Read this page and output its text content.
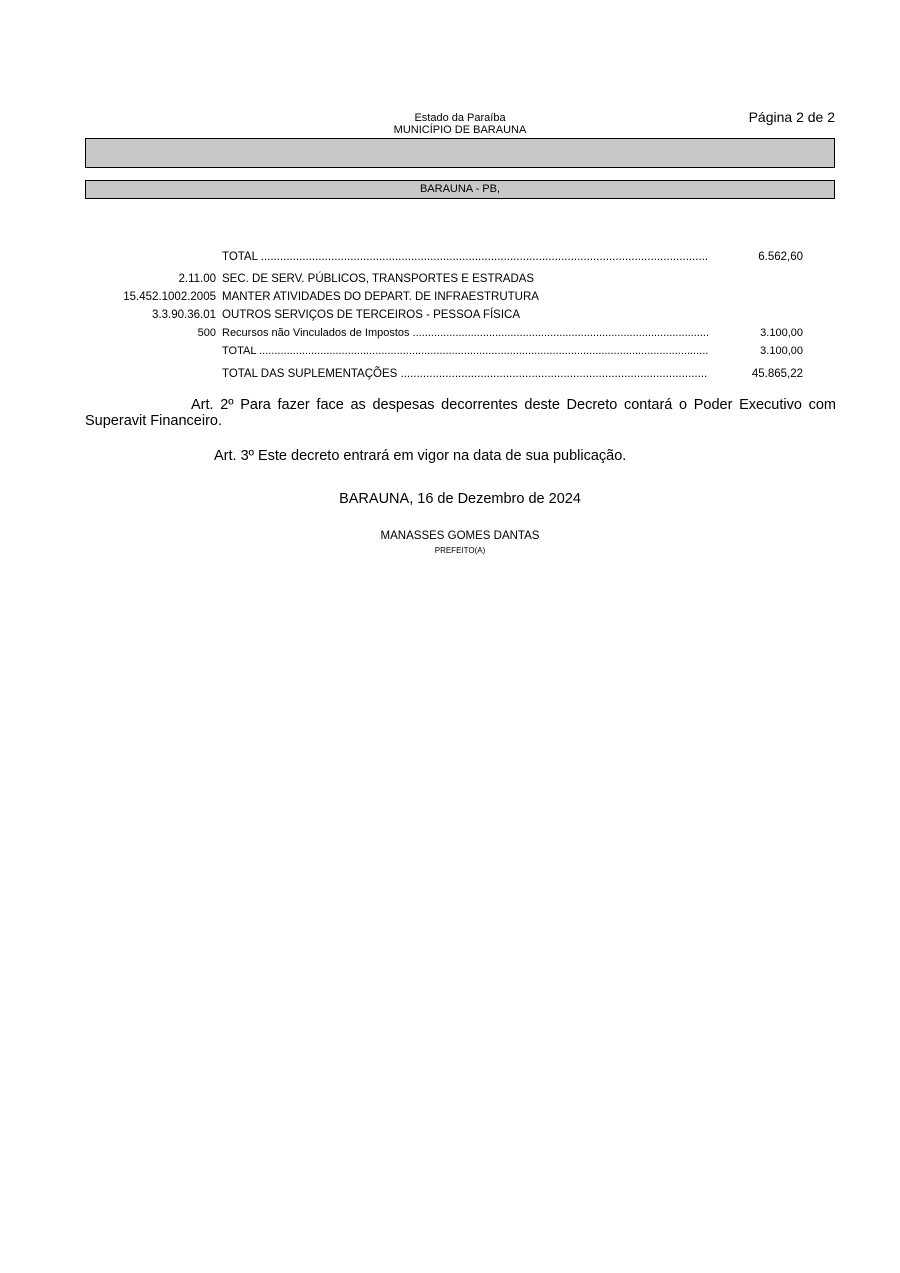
Estado da Paraíba
MUNICÍPIO DE BARAUNA
Página 2 de 2
BARAUNA - PB,
TOTAL .....	6.562,60
2.11.00 SEC. DE SERV. PÚBLICOS, TRANSPORTES E ESTRADAS
15.452.1002.2005 MANTER ATIVIDADES DO DEPART. DE INFRAESTRUTURA
3.3.90.36.01 OUTROS SERVIÇOS DE TERCEIROS - PESSOA FÍSICA
500 Recursos não Vinculados de Impostos .....	3.100,00
TOTAL .....	3.100,00
TOTAL DAS SUPLEMENTAÇÕES .....	45.865,22
Art. 2º Para fazer face as despesas decorrentes deste Decreto contará o Poder Executivo com Superavit Financeiro.
Art. 3º Este decreto entrará em vigor na data de sua publicação.
BARAUNA, 16 de Dezembro de 2024
MANASSES GOMES DANTAS
PREFEITO(A)
